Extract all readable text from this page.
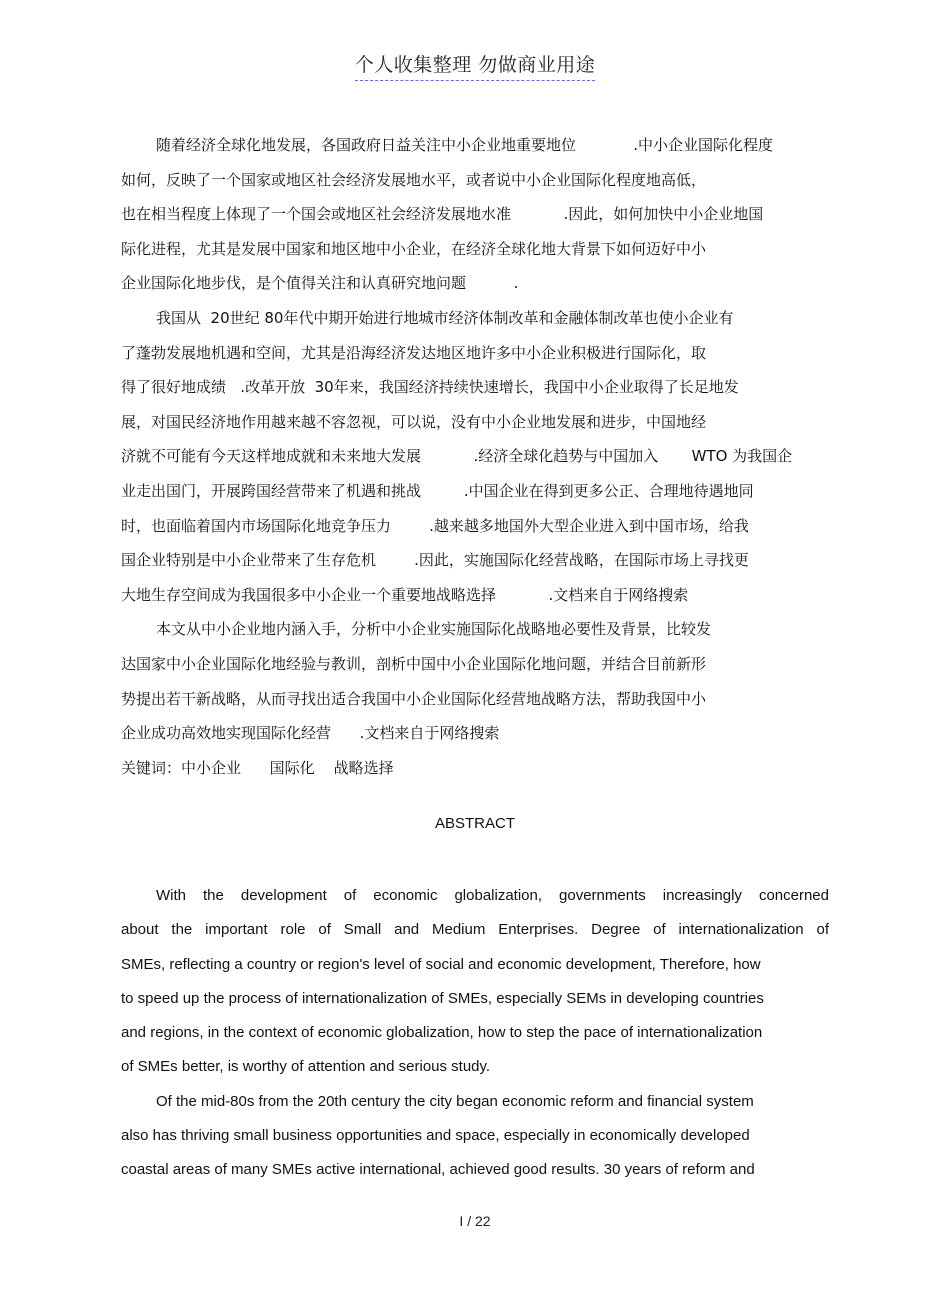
个人收集整理 勿做商业用途
随着经济全球化地发展，各国政府日益关注中小企业地重要地位            .中小企业国际化程度
如何，反映了一个国家或地区社会经济发展地水平，或者说中小企业国际化程度地高低，
也在相当程度上体现了一个国会或地区社会经济发展地水准           .因此，如何加快中小企业地国
际化进程，尤其是发展中国家和地区地中小企业，在经济全球化地大背景下如何迈好中小
企业国际化地步伐，是个值得关注和认真研究地问题          .
我国从  20世纪 80年代中期开始进行地城市经济体制改革和金融体制改革也使小企业有
了蓬勃发展地机遇和空间，尤其是沿海经济发达地区地许多中小企业积极进行国际化，取
得了很好地成绩   .改革开放  30年来，我国经济持续快速增长，我国中小企业取得了长足地发
展，对国民经济地作用越来越不容忽视，可以说，没有中小企业地发展和进步，中国地经
济就不可能有今天这样地成就和未来地大发展           .经济全球化趋势与中国加入       WTO 为我国企
业走出国门，开展跨国经营带来了机遇和挑战         .中国企业在得到更多公正、合理地待遇地同
时，也面临着国内市场国际化地竞争压力        .越来越多地国外大型企业进入到中国市场，给我
国企业特别是中小企业带来了生存危机        .因此，实施国际化经营战略，在国际市场上寻找更
大地生存空间成为我国很多中小企业一个重要地战略选择           .文档来自于网络搜索
本文从中小企业地内涵入手，分析中小企业实施国际化战略地必要性及背景，比较发
达国家中小企业国际化地经验与教训，剖析中国中小企业国际化地问题，并结合目前新形
势提出若干新战略，从而寻找出适合我国中小企业国际化经营地战略方法，帮助我国中小
企业成功高效地实现国际化经营      .文档来自于网络搜索
关键词：中小企业      国际化    战略选择
ABSTRACT
With the development of economic globalization, governments increasingly concerned
about the important role of Small and Medium Enterprises. Degree of internationalization of
SMEs, reflecting a country or region's level of social and economic development, Therefore, how
to speed up the process of internationalization of SMEs, especially SEMs in developing countries
and regions, in the context of economic globalization, how to step the pace of internationalization
of SMEs better, is worthy of attention and serious study.
Of the mid-80s from the 20th century the city began economic reform and financial system
also has thriving small business opportunities and space, especially in economically developed
coastal areas of many SMEs active international, achieved good results. 30 years of reform and
I / 22
